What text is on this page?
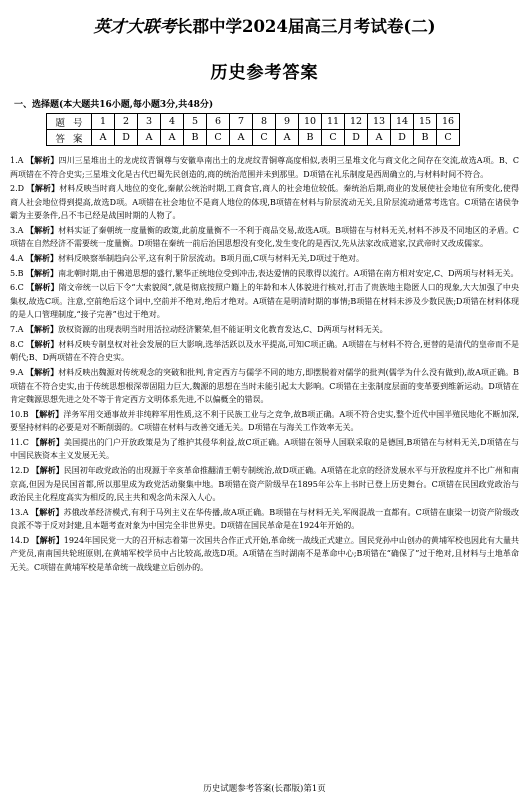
英才大联考 长郡中学2024届高三月考试卷(二)
历史参考答案
一、选择题(本大题共16小题,每小题3分,共48分)
题号	1	2	3	4	5	6	7	8	9	10	11	12	13	14	15	16
答案	A	D	A	A	B	C	A	C	A	B	C	D	A	D	B	C
1.A 【解析】四川三星堆出土的龙虎纹青铜尊与安徽阜南出土的龙虎纹青铜尊高度相似,表明三星堆文化与商文化之间存在交流,故选A项。B、C两项错在不符合史实;三星堆文化是古代巴蜀先民创造的,商的统治范围并未到那里。D项错在礼乐制度是西周确立的,与材料时间不符合。
2.D 【解析】材料反映当时商人地位的变化,秦献公统治时期,工商食官,商人的社会地位较低。秦统治后期,商业的发展使社会地位有所变化,使得商人社会地位得到提高,故选D项。A项错在社会地位不是商人地位的体现,B项错在材料与阶层流动无关,且阶层流动通常考选官。C项错在诸侯争霸为主要条件,吕不韦已经是战国时期的人物了。
3.A 【解析】材料实证了秦朝统一度量衡的政策,此前度量衡不一不利于商品交易,故选A项。B项错在与材料无关,材料不涉及不同地区的矛盾。C项错在自然经济不需要统一度量衡。D项错在秦统一前后治国思想没有变化,发生变化的是西汉,先从法家改成道家,汉武帝时又改成儒家。
4.A 【解析】材料反映察举制趋向公平,这有利于阶层流动。B项月面,C项与材料无关,D项过于绝对。
5.B 【解析】南北朝时期,由于佛道思想的盛行,繁华正统地位受到冲击,表达爱情的民歌得以流行。A项错在南方相对安定,C、D两项与材料无关。
6.C 【解析】隋文帝统一以后下令“大索貌阅”,就是彻底按照户籍上的年龄和本人体貌进行核对,打击了贵族地主隐匿人口的现象,大大加强了中央集权,故选C项。注意,空前绝后这个词中,空前并不绝对,绝后才绝对。A项错在是明清时期的事情;B项错在材料未涉及少数民族;D项错在材料体现的是人口管理制度,“接子完善”也过于绝对。
7.A 【解析】放权资源的出现表明当时用活拉动经济繁荣,但不能证明文化教育发达,C、D两项与材料无关。
8.C 【解析】材料反映专制皇权对社会发展的巨大影响,选举活跃以及水平提高,可知C项正确。A项错在与材料不符合,更替的是清代的皇帝而不是朝代;B、D两项错在不符合史实。
9.A 【解析】材料反映出魏源对传统观念的突破和批判,肯定西方与儒学不同的地方,即摆脱着对儒学的批判(儒学为什么没有做到),故A项正确。B项错在不符合史实,由于传统思想根深蒂固阻力巨大,魏源的思想在当时未能引起太大影响。C项错在主张制度层面的变革要到维新运动。D项错在肯定魏源思想先进之处不等于肯定西方文明体系先进,不以偏概全的错误。
10.B 【解析】洋务军用交通事故并非纯粹军用性质,这不利于民族工业与之竞争,故B项正确。A项不符合史实,整个近代中国半殖民地化不断加深,要坚持材料的必要是对不断削弱的。C项错在材料与改善交通无关。D项错在与海关工作效率无关。
11.C 【解析】美国提出的门户开放政策是为了维护其侵华利益,故C项正确。A项错在领导人国联采取的是德国,B项错在与材料无关,D项错在与中国民族资本主义发展无关。
12.D 【解析】民国初年政党政治的出现源于辛亥革命推翻清王朝专制统治,故D项正确。A项错在北京的经济发展水平与开放程度并不比广州和南京高,但因为是民国首都,所以那里成为政党活动聚集中地。B项错在资产阶级早在1895年公车上书时已登上历史舞台。C项错在民国政党政治与政治民主化程度高实为相反的,民主共和观念尚未深入人心。
13.A 【解析】苏俄改革经济模式,有利于马列主义在华传播,故A项正确。B项错在与材料无关,军阀混战一直都有。C项错在康梁一切资产阶级改良派不等于反对封建,且本题考查对象为中国完全非世界史。D项错在国民革命是在1924年开始的。
14.D 【解析】1924年国民党一大的召开标志着第一次国共合作正式开始,革命统一战线正式建立。国民党孙中山创办的黄埔军校也因此有大量共产党员,南南国共轮班原则,在黄埔军校学员中占比较高,故选D项。A项错在当时湖南不是革命中心;B项错在“确保了”过于绝对,且材料与土地革命无关。C项错在黄埔军校是革命统一战线建立后创办的。
历史试题参考答案(长郡版)第1页
